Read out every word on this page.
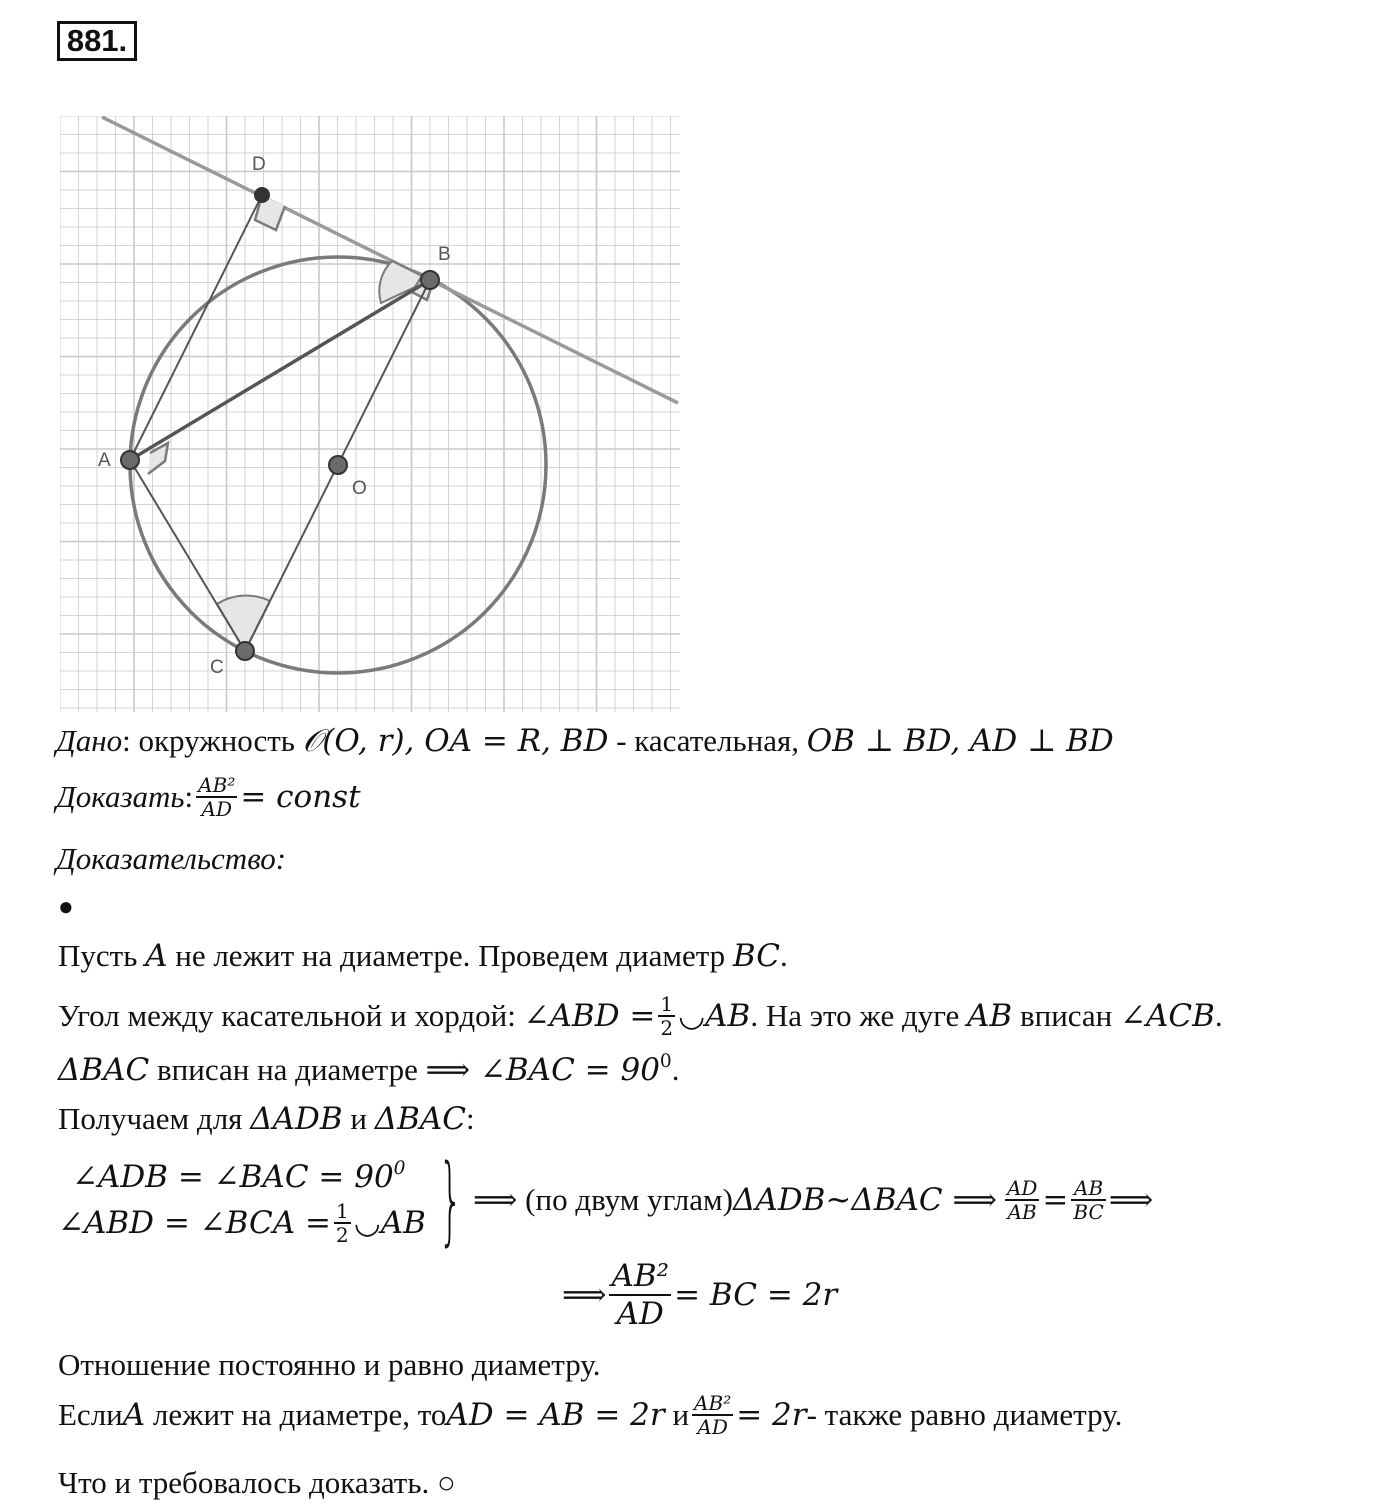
881.
D
B
A
O
C
Дано: окружность 𝒪(O, r), OA = R, BD - касательная, OB ⊥ BD, AD ⊥ BD
Доказать : $\frac{\text{AB²}}{AD}$ = const
Доказательство:
●
Пусть A не лежит на диаметре. Проведем диаметр BC.
Угол между касательной и хордой:
∠ABD = $\frac{1}{2}$ ◡AB . На это же дуге
AB
вписан
∠ACB .
ΔBAC вписан на диаметре ⟹ ∠BAC = $90^0$.
Получаем для ΔADB и ΔBAC:
∠ADB = ∠BAC = $90^0$
∠ABD = ∠BCA = $\frac{1}{2}$ ◡AB } ⟹ (по двум углам) ΔADB~ΔBAC ⟹ $\frac{AD}{AB} = \frac{AB}{BC}$ ⟹
⟹ $\frac{\text{AB²}}{AD}$ = BC = 2r
Отношение постоянно и равно диаметру.
Если A
лежит на диаметре, то AD = AB = 2r
и $\frac{\text{AB²}}{AD} = 2r$ - также равно диаметру.
Что и требовалось доказать. ○
